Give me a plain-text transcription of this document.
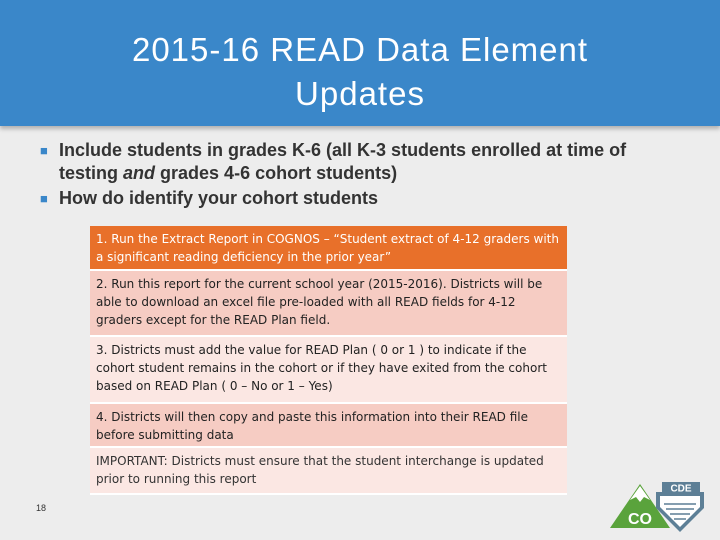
2015-16 READ Data Element
Updates
■ Include students in grades K-6 (all K-3 students enrolled at time of testing and grades 4-6 cohort students)
■ How do identify your cohort students
1. Run the Extract Report in COGNOS – “Student extract of 4-12 graders with a significant reading deficiency in the prior year”
2. Run this report for the current school year (2015-2016). Districts will be able to download an excel file pre-loaded with all READ fields for 4-12 graders except for the READ Plan field.
3. Districts must add the value for READ Plan ( 0 or 1 ) to indicate if the cohort student remains in the cohort or if they have exited from the cohort based on READ Plan ( 0 – No or 1 – Yes)
4. Districts will then copy and paste this information into their READ file before submitting data
IMPORTANT: Districts must ensure that the student interchange is updated prior to running this report
18
CDE
CO
